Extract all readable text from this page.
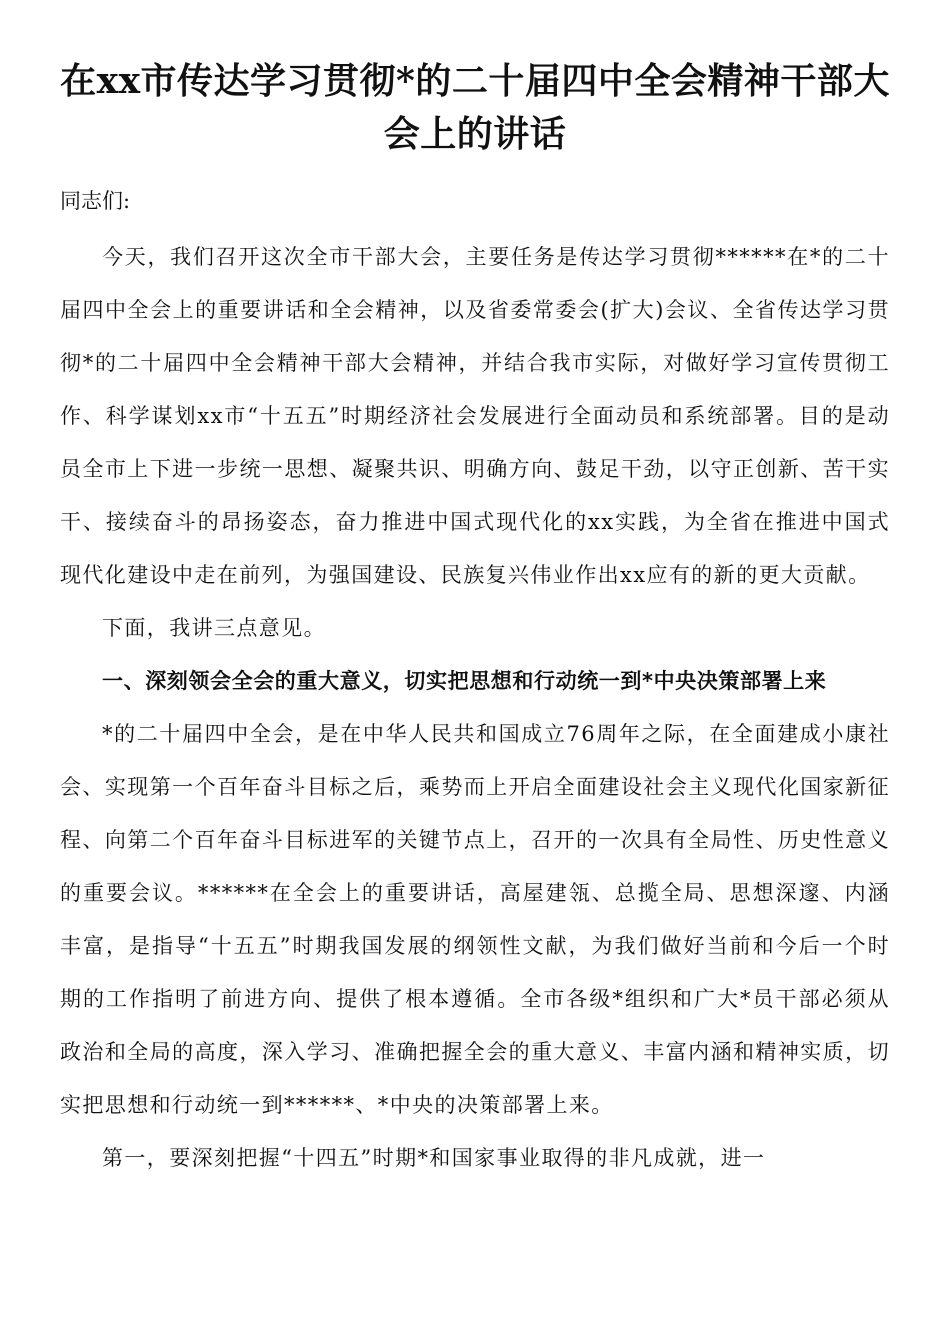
在xx市传达学习贯彻*的二十届四中全会精神干部大会上的讲话

同志们:

今天，我们召开这次全市干部大会，主要任务是传达学习贯彻******在*的二十届四中全会上的重要讲话和全会精神，以及省委常委会(扩大)会议、全省传达学习贯彻*的二十届四中全会精神干部大会精神，并结合我市实际，对做好学习宣传贯彻工作、科学谋划xx市“十五五”时期经济社会发展进行全面动员和系统部署。目的是动员全市上下进一步统一思想、凝聚共识、明确方向、鼓足干劲，以守正创新、苦干实干、接续奋斗的昂扬姿态，奋力推进中国式现代化的xx实践，为全省在推进中国式现代化建设中走在前列，为强国建设、民族复兴伟业作出xx应有的新的更大贡献。

下面，我讲三点意见。

一、深刻领会全会的重大意义，切实把思想和行动统一到*中央决策部署上来

*的二十届四中全会，是在中华人民共和国成立76周年之际，在全面建成小康社会、实现第一个百年奋斗目标之后，乘势而上开启全面建设社会主义现代化国家新征程、向第二个百年奋斗目标进军的关键节点上，召开的一次具有全局性、历史性意义的重要会议。******在全会上的重要讲话，高屋建瓴、总揽全局、思想深邃、内涵丰富，是指导“十五五”时期我国发展的纲领性文献，为我们做好当前和今后一个时期的工作指明了前进方向、提供了根本遵循。全市各级*组织和广大*员干部必须从政治和全局的高度，深入学习、准确把握全会的重大意义、丰富内涵和精神实质，切实把思想和行动统一到******、*中央的决策部署上来。

第一，要深刻把握“十四五”时期*和国家事业取得的非凡成就，进一
